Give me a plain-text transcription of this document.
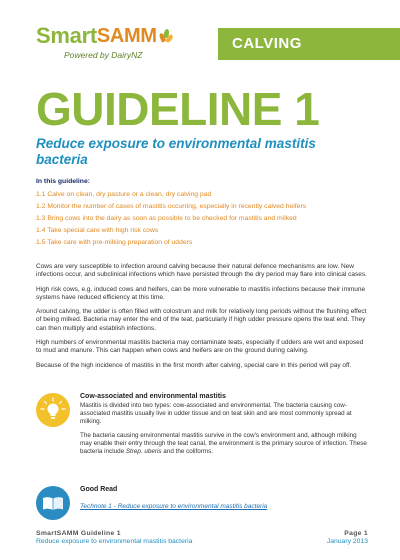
Smart SAMM
Powered by DairyNZ
CALVING
GUIDELINE 1
Reduce exposure to environmental mastitis bacteria
In this guideline:
1.1 Calve on clean, dry pasture or a clean, dry calving pad
1.2 Monitor the number of cases of mastitis occurring, especially in recently calved heifers
1.3 Bring cows into the dairy as soon as possible to be checked for mastitis and milked
1.4 Take special care with high risk cows
1.5 Take care with pre-milking preparation of udders

Cows are very susceptible to infection around calving because their natural defence mechanisms are low. New infections occur, and subclinical infections which have persisted through the dry period may flare into clinical cases.

High risk cows, e.g. induced cows and heifers, can be more vulnerable to mastitis infections because their immune systems have reduced efficiency at this time.

Around calving, the udder is often filled with colostrum and milk for relatively long periods without the flushing effect of being milked. Bacteria may enter the end of the teat, particularly if high udder pressure opens the teat end. They can then multiply and establish infections.

High numbers of environmental mastitis bacteria may contaminate teats, especially if udders are wet and exposed to mud and manure. This can happen when cows and heifers are on the ground during calving.

Because of the high incidence of mastitis in the first month after calving, special care in this period will pay off.

Cow-associated and environmental mastitis

Mastitis is divided into two types: cow-associated and environmental. The bacteria causing cow-associated mastitis usually live in udder tissue and on teat skin and are most commonly spread at milking.

The bacteria causing environmental mastitis survive in the cow's environment and, although milking may enable their entry through the teat canal, the environment is the primary source of infection. These bacteria include Strep. uberis and the coliforms.

Good Read
Technote 1 - Reduce exposure to environmental mastitis bacteria
SmartSAMM Guideline 1
Reduce exposure to environmental mastitis bacteria
Page 1
January 2013
